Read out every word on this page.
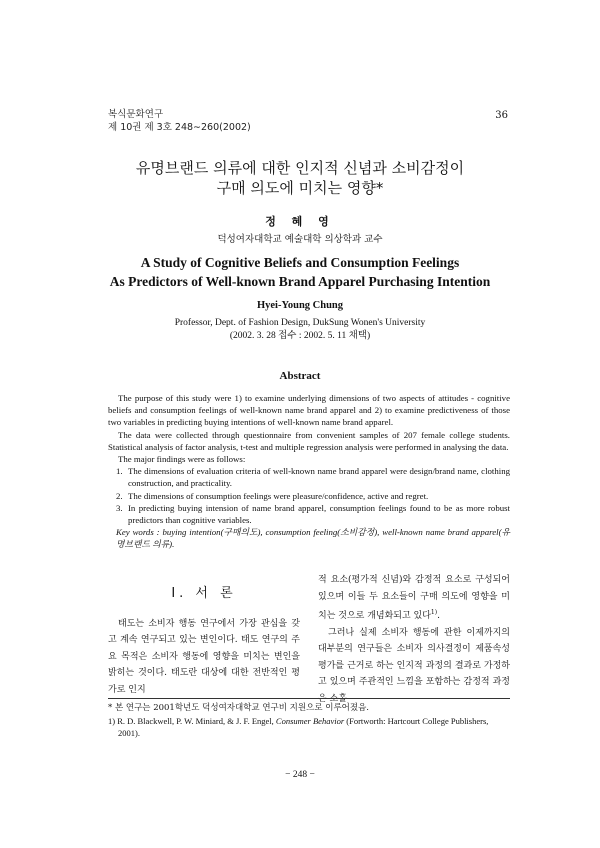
복식문화연구
제 10권 제 3호 248∼260(2002)
36
유명브랜드 의류에 대한 인지적 신념과 소비감정이
구매 의도에 미치는 영향*
정 혜 영
덕성여자대학교 예술대학 의상학과 교수
A Study of Cognitive Beliefs and Consumption Feelings
As Predictors of Well-known Brand Apparel Purchasing Intention
Hyei-Young Chung
Professor, Dept. of Fashion Design, DukSung Wonen's University
(2002. 3. 28 접수 : 2002. 5. 11 채택)
Abstract

The purpose of this study were 1) to examine underlying dimensions of two aspects of attitudes - cognitive beliefs and consumption feelings of well-known name brand apparel and 2) to examine predictiveness of those two variables in predicting buying intentions of well-known name brand apparel.

The data were collected through questionnaire from convenient samples of 207 female college students. Statistical analysis of factor analysis, t-test and multiple regression analysis were performed in analysing the data.

The major findings were as follows:

1. The dimensions of evaluation criteria of well-known name brand apparel were design/brand name, clothing construction, and practicality.

2. The dimensions of consumption feelings were pleasure/confidence, active and regret.

3. In predicting buying intension of name brand apparel, consumption feelings found to be as more robust predictors than cognitive variables.

Key words : buying intention(구매의도), consumption feeling(소비감정), well-known name brand apparel(유명브랜드 의류).

I. 서 론

태도는 소비자 행동 연구에서 가장 관심을 갖고 계속 연구되고 있는 변인이다. 태도 연구의 주요 목적은 소비자 행동에 영향을 미치는 변인을 밝히는 것이다. 태도란 대상에 대한 전반적인 평가로 인지

적 요소(평가적 신념)와 감정적 요소로 구성되어 있으며 이들 두 요소들이 구매 의도에 영향을 미치는 것으로 개념화되고 있다$^{1)}$.

그러나 실제 소비자 행동에 관한 이제까지의 대부분의 연구들은 소비자 의사결정이 제품속성 평가를 근거로 하는 인지적 과정의 결과로 가정하고 있으며 주관적인 느낌을 포함하는 감정적 과정은 소홀

* 본 연구는 2001학년도 덕성여자대학교 연구비 지원으로 이루어졌음.
1) R. D. Blackwell, P. W. Miniard, & J. F. Engel, Consumer Behavior (Fortworth: Hartcourt College Publishers,
2001).
− 248 −
